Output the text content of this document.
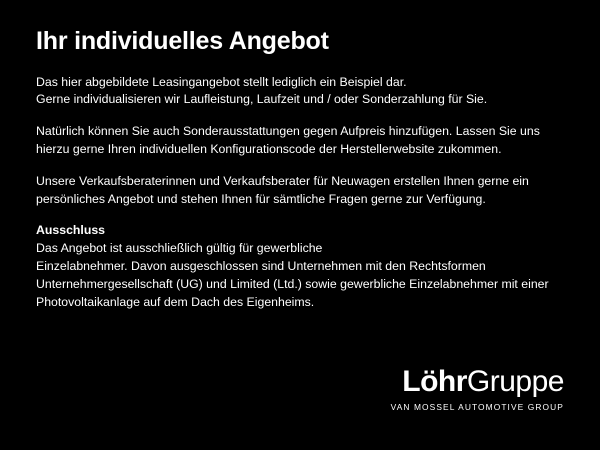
Ihr individuelles Angebot

Das hier abgebildete Leasingangebot stellt lediglich ein Beispiel dar.
Gerne individualisieren wir Laufleistung, Laufzeit und / oder Sonderzahlung für Sie.

Natürlich können Sie auch Sonderausstattungen gegen Aufpreis hinzufügen. Lassen Sie uns hierzu gerne Ihren individuellen Konfigurationscode der Herstellerwebsite zukommen.

Unsere Verkaufsberaterinnen und Verkaufsberater für Neuwagen erstellen Ihnen gerne ein persönliches Angebot und stehen Ihnen für sämtliche Fragen gerne zur Verfügung.

Ausschluss

Das Angebot ist ausschließlich gültig für gewerbliche
Einzelabnehmer. Davon ausgeschlossen sind Unternehmen mit den Rechtsformen Unternehmergesellschaft (UG) und Limited (Ltd.) sowie gewerbliche Einzelabnehmer mit einer Photovoltaikanlage auf dem Dach des Eigenheims.

LöhrGruppe
VAN MOSSEL AUTOMOTIVE GROUP
